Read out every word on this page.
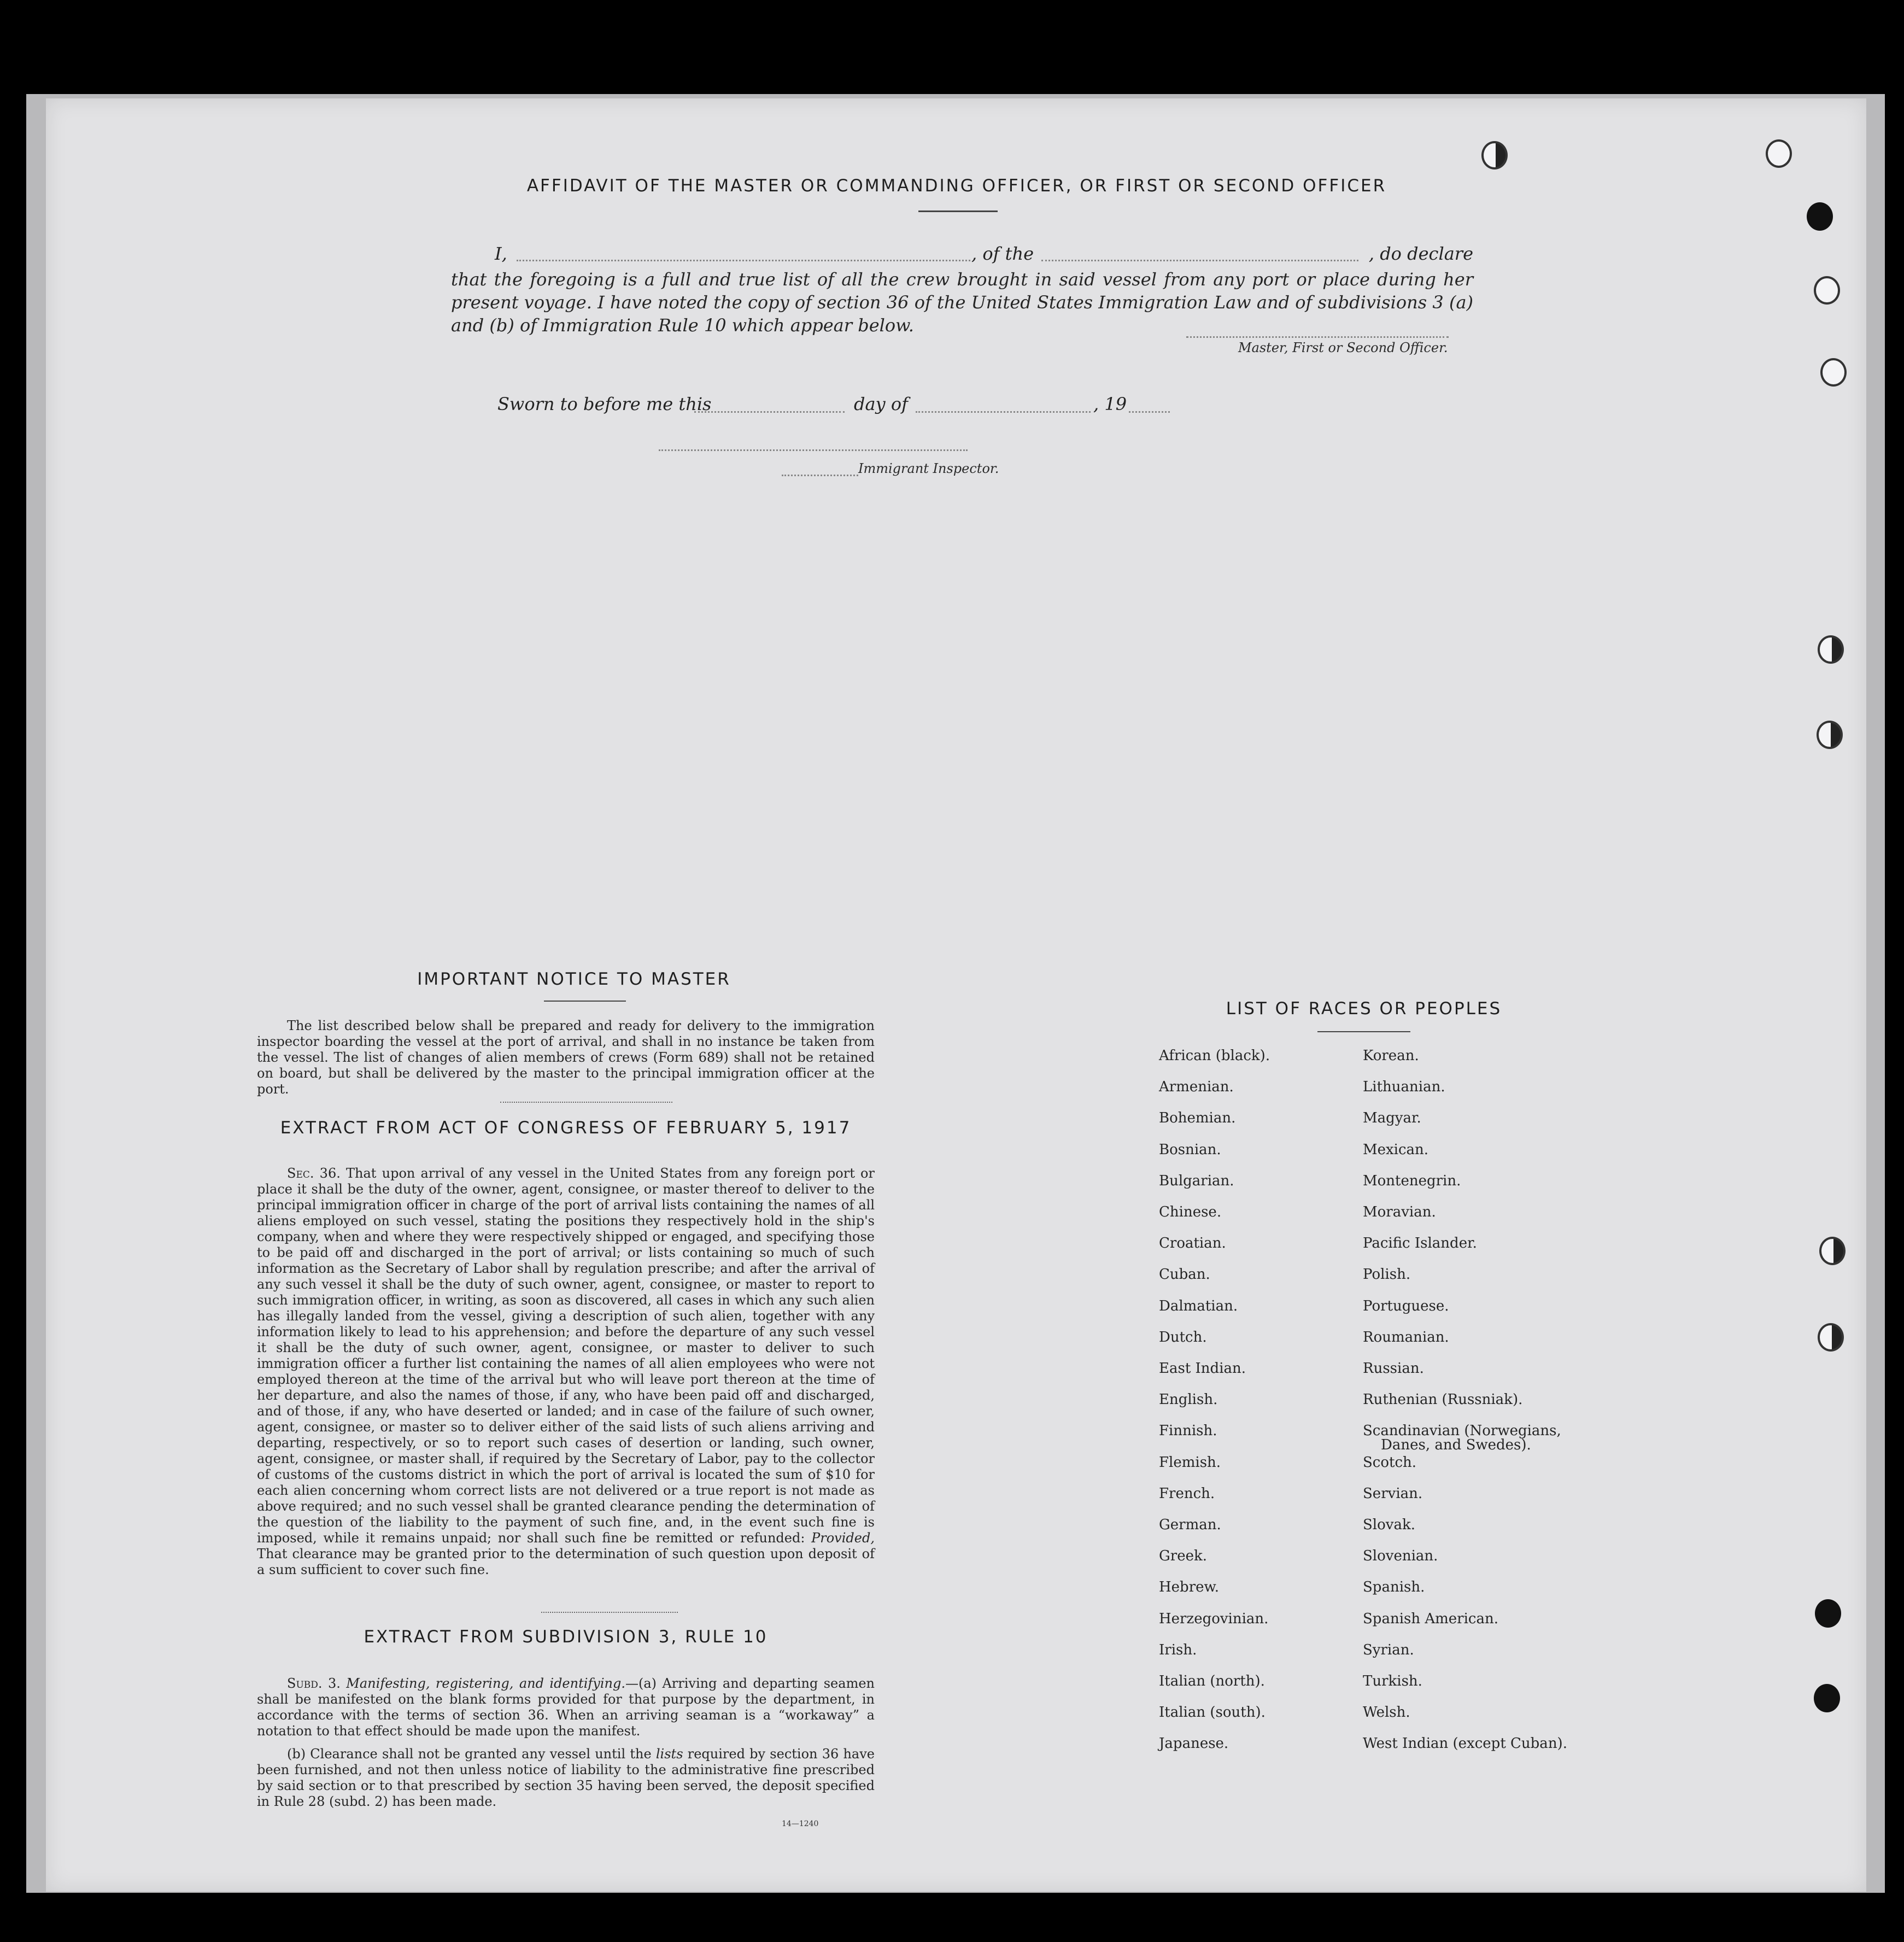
AFFIDAVIT OF THE MASTER OR COMMANDING OFFICER, OR FIRST OR SECOND OFFICER
I,	, of the	, do declare
that the foregoing is a full and true list of all the crew brought in said vessel from any port or place during her present voyage. I have noted the copy of section 36 of the United States Immigration Law and of subdivisions 3 (a) and (b) of Immigration Rule 10 which appear below.
Master, First or Second Officer.
Sworn to before me this	day of	, 19
Immigrant Inspector.
IMPORTANT NOTICE TO MASTER
The list described below shall be prepared and ready for delivery to the immigration inspector boarding the vessel at the port of arrival, and shall in no instance be taken from the vessel. The list of changes of alien members of crews (Form 689) shall not be retained on board, but shall be delivered by the master to the principal immigration officer at the port.
EXTRACT FROM ACT OF CONGRESS OF FEBRUARY 5, 1917
Sec. 36. That upon arrival of any vessel in the United States from any foreign port or place it shall be the duty of the owner, agent, consignee, or master thereof to deliver to the principal immigration officer in charge of the port of arrival lists containing the names of all aliens employed on such vessel, stating the positions they respectively hold in the ship's company, when and where they were respectively shipped or engaged, and specifying those to be paid off and discharged in the port of arrival; or lists containing so much of such information as the Secretary of Labor shall by regulation prescribe; and after the arrival of any such vessel it shall be the duty of such owner, agent, consignee, or master to report to such immigration officer, in writing, as soon as discovered, all cases in which any such alien has illegally landed from the vessel, giving a description of such alien, together with any information likely to lead to his apprehension; and before the departure of any such vessel it shall be the duty of such owner, agent, consignee, or master to deliver to such immigration officer a further list containing the names of all alien employees who were not employed thereon at the time of the arrival but who will leave port thereon at the time of her departure, and also the names of those, if any, who have been paid off and discharged, and of those, if any, who have deserted or landed; and in case of the failure of such owner, agent, consignee, or master so to deliver either of the said lists of such aliens arriving and departing, respectively, or so to report such cases of desertion or landing, such owner, agent, consignee, or master shall, if required by the Secretary of Labor, pay to the collector of customs of the customs district in which the port of arrival is located the sum of $10 for each alien concerning whom correct lists are not delivered or a true report is not made as above required; and no such vessel shall be granted clearance pending the determination of the question of the liability to the payment of such fine, and, in the event such fine is imposed, while it remains unpaid; nor shall such fine be remitted or refunded: Provided, That clearance may be granted prior to the determination of such question upon deposit of a sum sufficient to cover such fine.
EXTRACT FROM SUBDIVISION 3, RULE 10
Subd. 3. Manifesting, registering, and identifying.—(a) Arriving and departing seamen shall be manifested on the blank forms provided for that purpose by the department, in accordance with the terms of section 36. When an arriving seaman is a “workaway” a notation to that effect should be made upon the manifest.
(b) Clearance shall not be granted any vessel until the lists required by section 36 have been furnished, and not then unless notice of liability to the administrative fine prescribed by said section or to that prescribed by section 35 having been served, the deposit specified in Rule 28 (subd. 2) has been made.
14—1240
LIST OF RACES OR PEOPLES
African (black).
Armenian.
Bohemian.
Bosnian.
Bulgarian.
Chinese.
Croatian.
Cuban.
Dalmatian.
Dutch.
East Indian.
English.
Finnish.
Flemish.
French.
German.
Greek.
Hebrew.
Herzegovinian.
Irish.
Italian (north).
Italian (south).
Japanese.
Korean.
Lithuanian.
Magyar.
Mexican.
Montenegrin.
Moravian.
Pacific Islander.
Polish.
Portuguese.
Roumanian.
Russian.
Ruthenian (Russniak).
Scandinavian (Norwegians,
Danes, and Swedes).
Scotch.
Servian.
Slovak.
Slovenian.
Spanish.
Spanish American.
Syrian.
Turkish.
Welsh.
West Indian (except Cuban).
